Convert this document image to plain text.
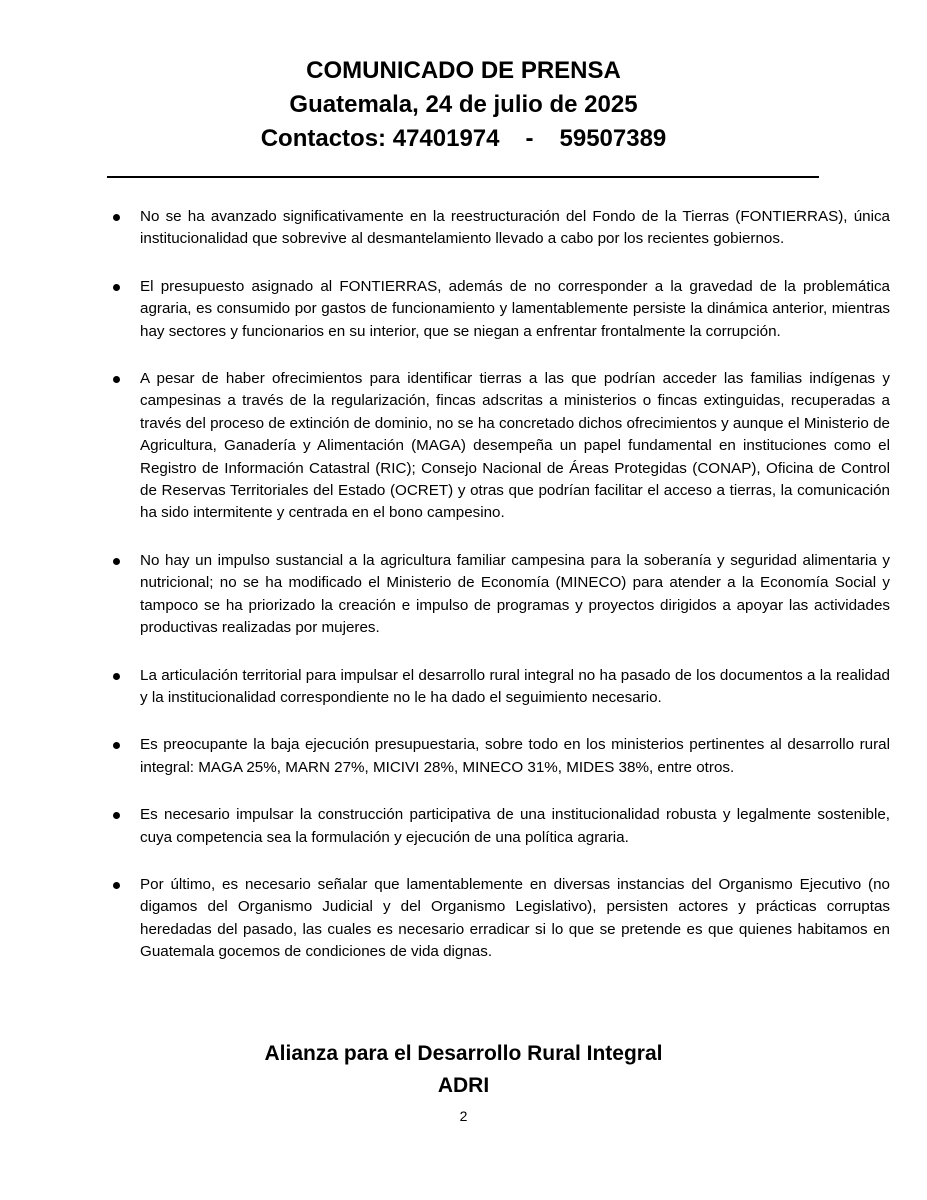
COMUNICADO DE PRENSA
Guatemala, 24 de julio de 2025
Contactos: 47401974 - 59507389
No se ha avanzado significativamente en la reestructuración del Fondo de la Tierras (FONTIERRAS), única institucionalidad que sobrevive al desmantelamiento llevado a cabo por los recientes gobiernos.
El presupuesto asignado al FONTIERRAS, además de no corresponder a la gravedad de la problemática agraria, es consumido por gastos de funcionamiento y lamentablemente persiste la dinámica anterior, mientras hay sectores y funcionarios en su interior, que se niegan a enfrentar frontalmente la corrupción.
A pesar de haber ofrecimientos para identificar tierras a las que podrían acceder las familias indígenas y campesinas a través de la regularización, fincas adscritas a ministerios o fincas extinguidas, recuperadas a través del proceso de extinción de dominio, no se ha concretado dichos ofrecimientos y aunque el Ministerio de Agricultura, Ganadería y Alimentación (MAGA) desempeña un papel fundamental en instituciones como el Registro de Información Catastral (RIC); Consejo Nacional de Áreas Protegidas (CONAP), Oficina de Control de Reservas Territoriales del Estado (OCRET) y otras que podrían facilitar el acceso a tierras, la comunicación ha sido intermitente y centrada en el bono campesino.
No hay un impulso sustancial a la agricultura familiar campesina para la soberanía y seguridad alimentaria y nutricional; no se ha modificado el Ministerio de Economía (MINECO) para atender a la Economía Social y tampoco se ha priorizado la creación e impulso de programas y proyectos dirigidos a apoyar las actividades productivas realizadas por mujeres.
La articulación territorial para impulsar el desarrollo rural integral no ha pasado de los documentos a la realidad y la institucionalidad correspondiente no le ha dado el seguimiento necesario.
Es preocupante la baja ejecución presupuestaria, sobre todo en los ministerios pertinentes al desarrollo rural integral: MAGA 25%, MARN 27%, MICIVI 28%, MINECO 31%, MIDES 38%, entre otros.
Es necesario impulsar la construcción participativa de una institucionalidad robusta y legalmente sostenible, cuya competencia sea la formulación y ejecución de una política agraria.
Por último, es necesario señalar que lamentablemente en diversas instancias del Organismo Ejecutivo (no digamos del Organismo Judicial y del Organismo Legislativo), persisten actores y prácticas corruptas heredadas del pasado, las cuales es necesario erradicar si lo que se pretende es que quienes habitamos en Guatemala gocemos de condiciones de vida dignas.
Alianza para el Desarrollo Rural Integral
ADRI
2
